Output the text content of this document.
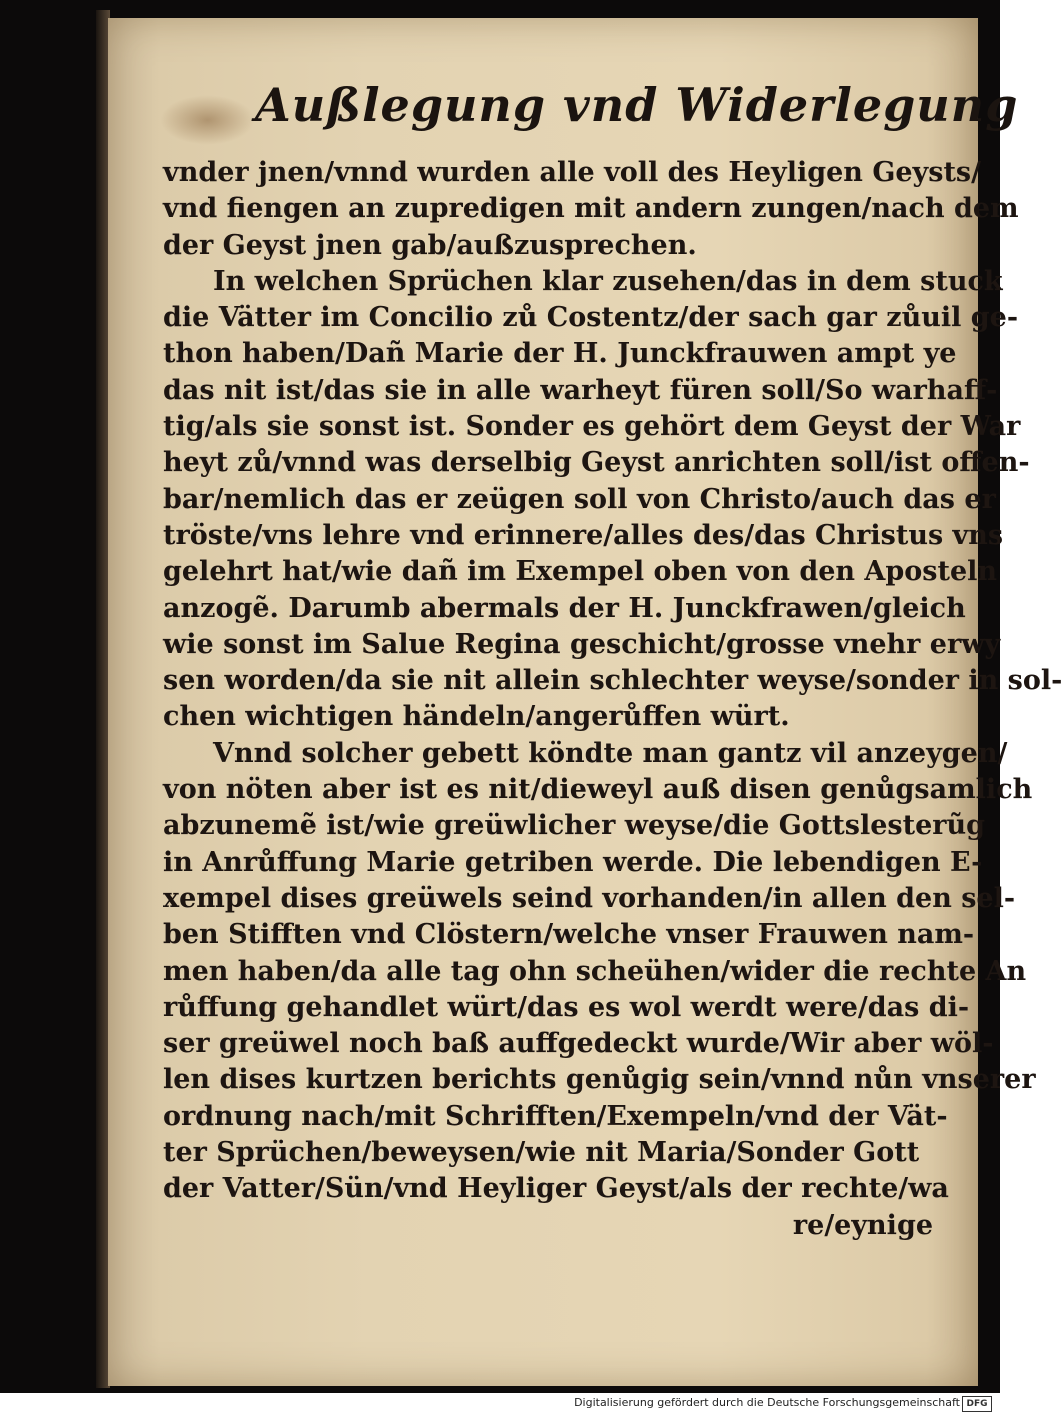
Außlegung vnd Widerlegung
vnder jnen/vnnd wurden alle voll des Heyligen Geysts/
vnd fiengen an zupredigen mit andern zungen/nach dem
der Geyst jnen gab/außzusprechen.
In welchen Sprüchen klar zusehen/das in dem stuck
die Vätter im Concilio zů Costentz/der sach gar zůuil ge-
thon haben/Dañ Marie der H. Junckfrauwen ampt ye
das nit ist/das sie in alle warheyt füren soll/So warhaff-
tig/als sie sonst ist. Sonder es gehört dem Geyst der War
heyt zů/vnnd was derselbig Geyst anrichten soll/ist offen-
bar/nemlich das er zeügen soll von Christo/auch das er
tröste/vns lehre vnd erinnere/alles des/das Christus vns
gelehrt hat/wie dañ im Exempel oben von den Aposteln
anzogẽ. Darumb abermals der H. Junckfrawen/gleich
wie sonst im Salue Regina geschicht/grosse vnehr erwy
sen worden/da sie nit allein schlechter weyse/sonder in sol-
chen wichtigen händeln/angerůffen würt.
Vnnd solcher gebett köndte man gantz vil anzeygen/
von nöten aber ist es nit/dieweyl auß disen genůgsamlich
abzunemẽ ist/wie greüwlicher weyse/die Gottslesterũg
in Anrůffung Marie getriben werde. Die lebendigen E-
xempel dises greüwels seind vorhanden/in allen den sel-
ben Stifften vnd Clöstern/welche vnser Frauwen nam-
men haben/da alle tag ohn scheühen/wider die rechte An
růffung gehandlet würt/das es wol werdt were/das di-
ser greüwel noch baß auffgedeckt wurde/Wir aber wöl-
len dises kurtzen berichts genůgig sein/vnnd nůn vnserer
ordnung nach/mit Schrifften/Exempeln/vnd der Vät-
ter Sprüchen/beweysen/wie nit Maria/Sonder Gott
der Vatter/Sün/vnd Heyliger Geyst/als der rechte/wa
re/eynige
Digitalisierung gefördert durch die Deutsche Forschungsgemeinschaft DFG
